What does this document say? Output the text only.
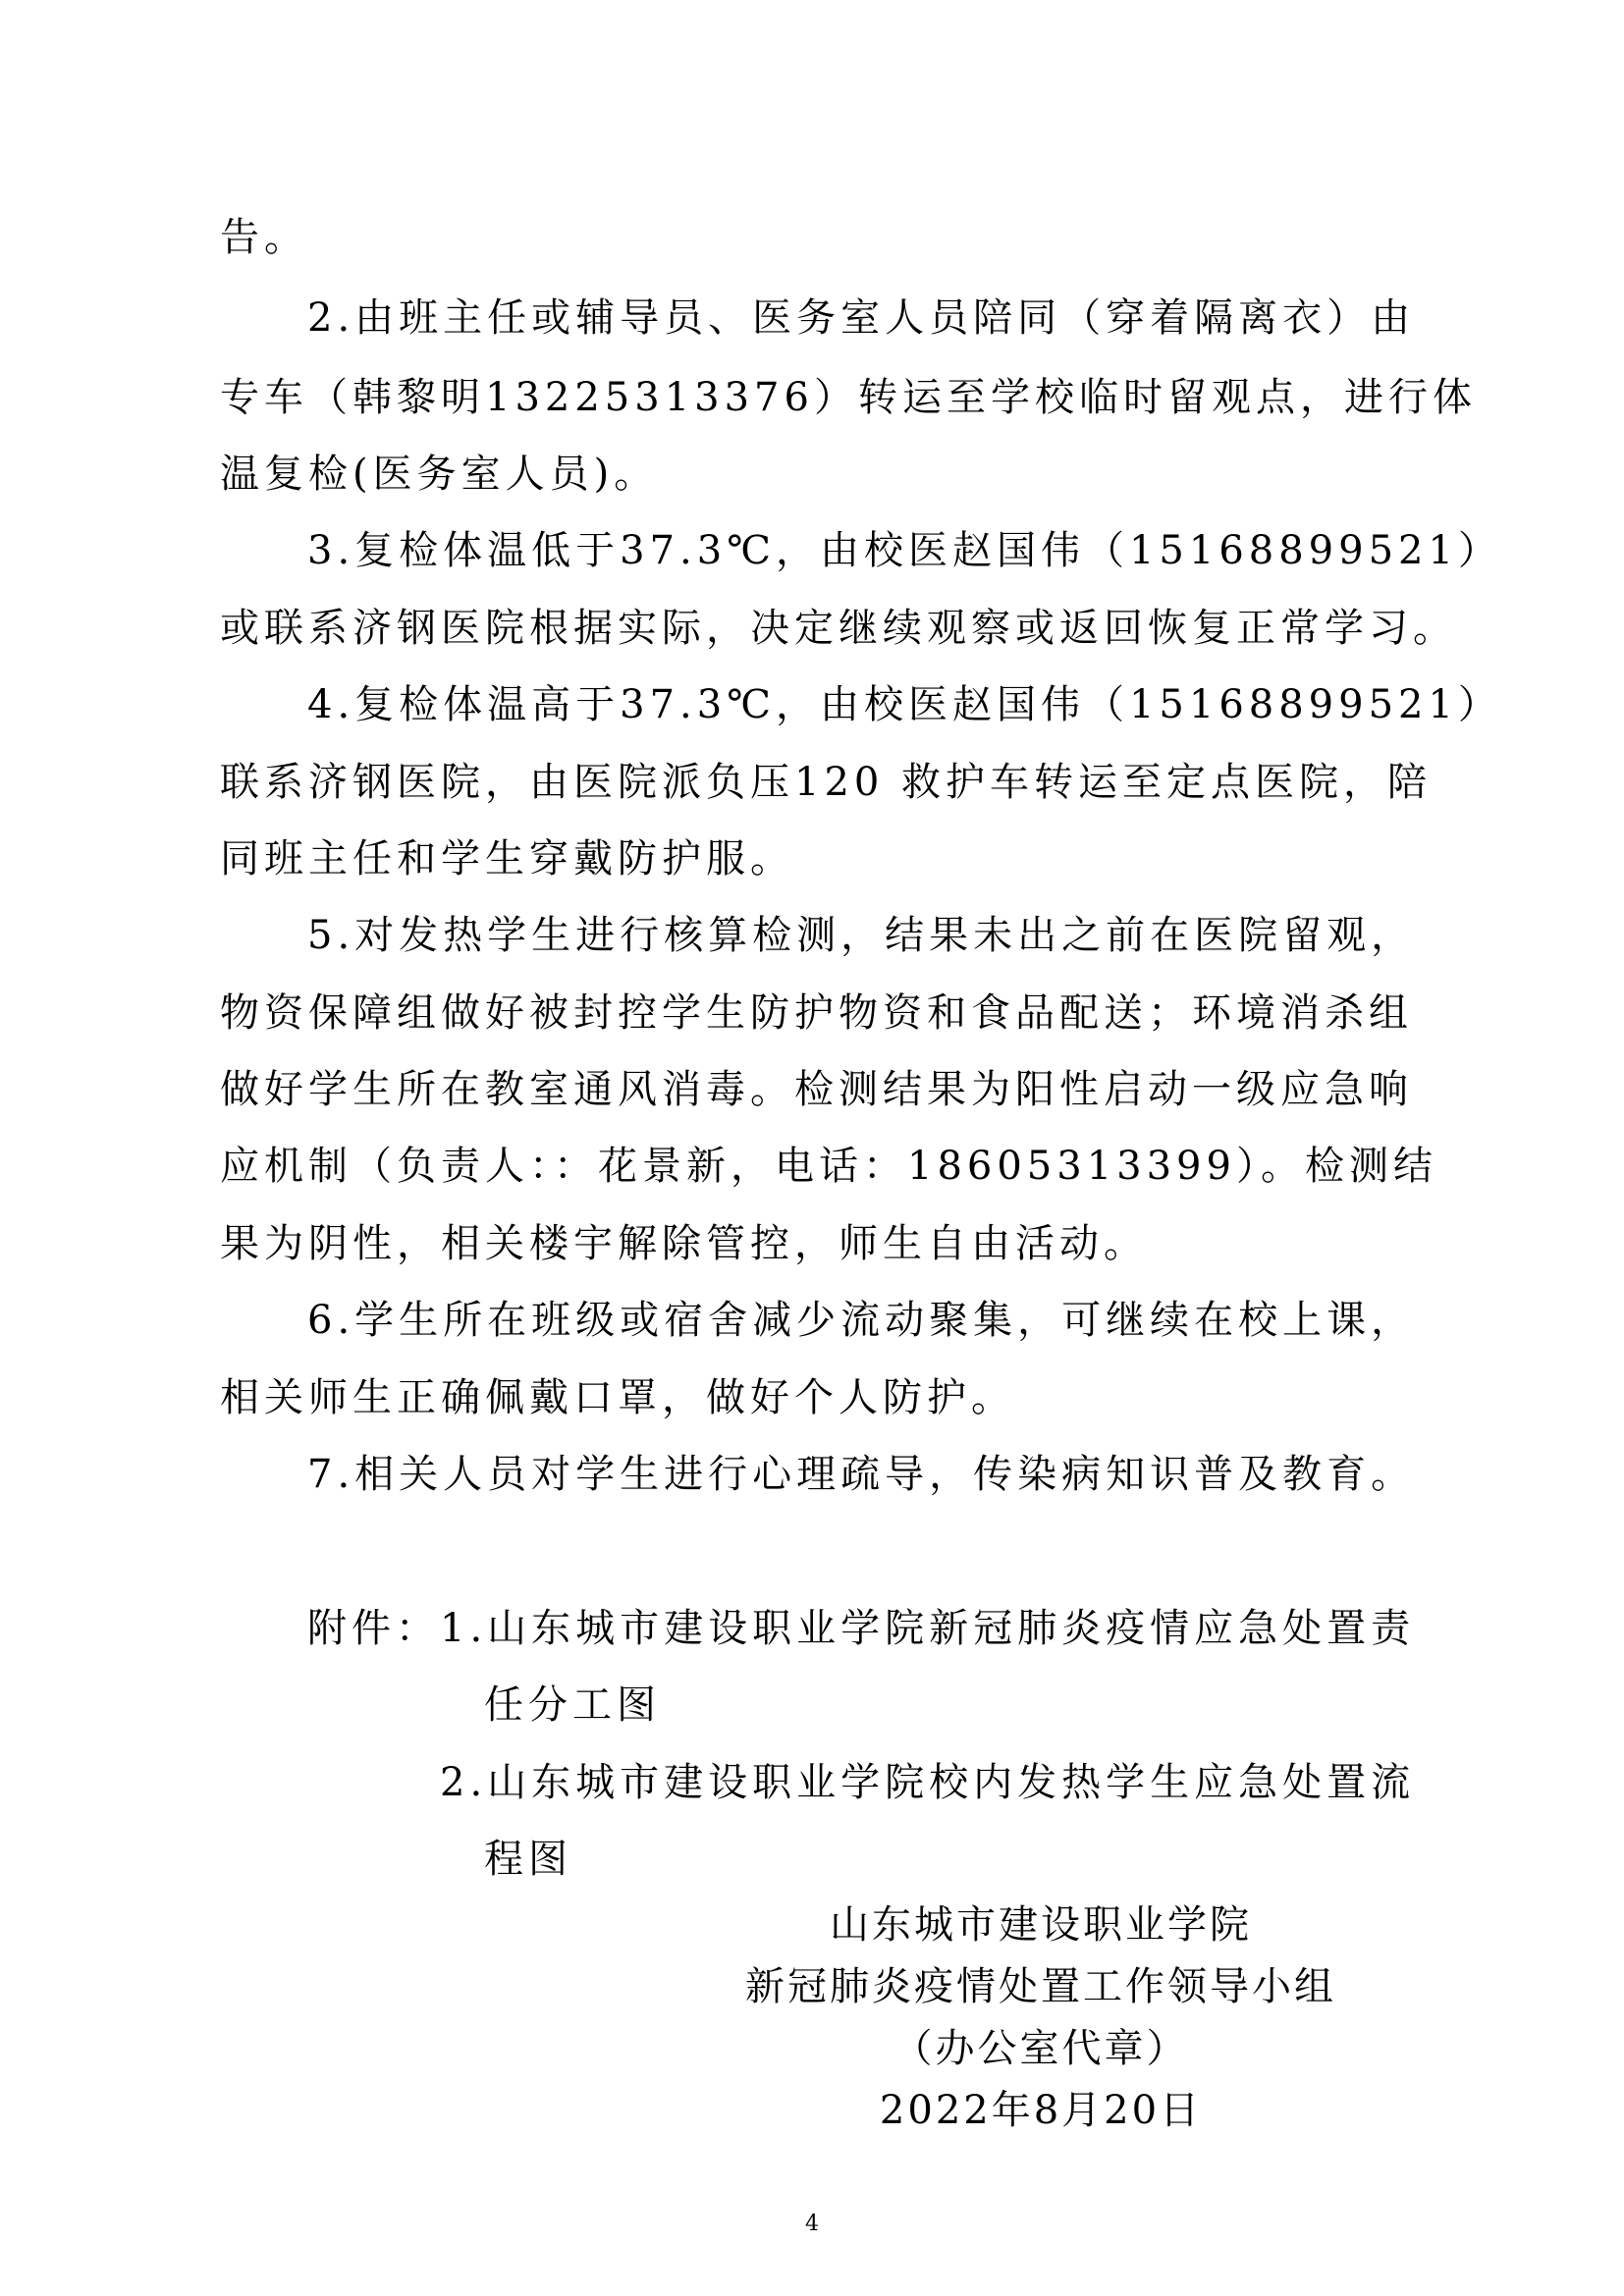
告。
2.由班主任或辅导员、医务室人员陪同（穿着隔离衣）由
专车（韩黎明13225313376）转运至学校临时留观点，进行体
温复检(医务室人员)。
3.复检体温低于37.3℃，由校医赵国伟（15168899521）
或联系济钢医院根据实际，决定继续观察或返回恢复正常学习。
4.复检体温高于37.3℃，由校医赵国伟（15168899521）
联系济钢医院，由医院派负压120 救护车转运至定点医院，陪
同班主任和学生穿戴防护服。
5.对发热学生进行核算检测，结果未出之前在医院留观，
物资保障组做好被封控学生防护物资和食品配送；环境消杀组
做好学生所在教室通风消毒。检测结果为阳性启动一级应急响
应机制（负责人：：花景新，电话：18605313399）。检测结
果为阴性，相关楼宇解除管控，师生自由活动。
6.学生所在班级或宿舍减少流动聚集，可继续在校上课，
相关师生正确佩戴口罩，做好个人防护。
7.相关人员对学生进行心理疏导，传染病知识普及教育。
附件： 1.山东城市建设职业学院新冠肺炎疫情应急处置责
任分工图
2.山东城市建设职业学院校内发热学生应急处置流
程图
山东城市建设职业学院
新冠肺炎疫情处置工作领导小组
（办公室代章）
2022年8月20日
4
